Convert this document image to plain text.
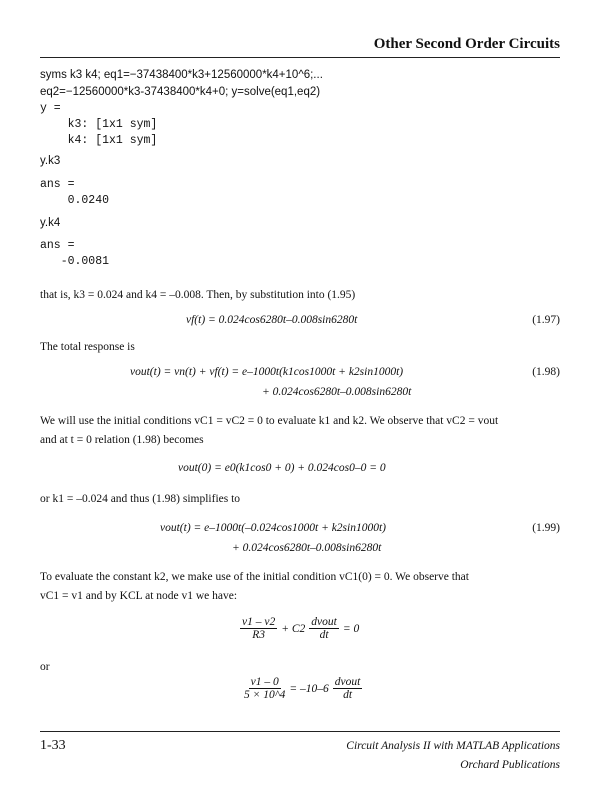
Other Second Order Circuits
syms k3 k4; eq1=−37438400*k3+12560000*k4+10^6;...
eq2=−12560000*k3-37438400*k4+0; y=solve(eq1,eq2)
y =
k3: [1x1 sym]
k4: [1x1 sym]
y.k3
ans =
0.0240
y.k4
ans =
-0.0081
that is, k3 = 0.024 and k4 = –0.008. Then, by substitution into (1.95)
vf(t) = 0.024cos6280t–0.008sin6280t	(1.97)
The total response is
vout(t) = vn(t) + vf(t) = e–1000t(k1cos1000t + k2sin1000t)
+ 0.024cos6280t–0.008sin6280t
(1.98)
We will use the initial conditions vC1 = vC2 = 0 to evaluate k1 and k2. We observe that vC2 = vout
and at t = 0 relation (1.98) becomes
vout(0) = e0(k1cos0 + 0) + 0.024cos0–0 = 0
or k1 = –0.024 and thus (1.98) simplifies to
vout(t) = e–1000t(–0.024cos1000t + k2sin1000t)
+ 0.024cos6280t–0.008sin6280t
(1.99)
To evaluate the constant k2, we make use of the initial condition vC1(0) = 0. We observe that
vC1 = v1 and by KCL at node v1 we have:
$\frac{v1 - v2}{R3} + C2 \frac{\text{dvout}}{dt} = 0$
or
$\frac{v1 - 0}{5 \times 10\^{}4} = -10-6 \frac{\text{dvout}}{dt}$
1-33	Circuit Analysis II with MATLAB Applications
Orchard Publications
